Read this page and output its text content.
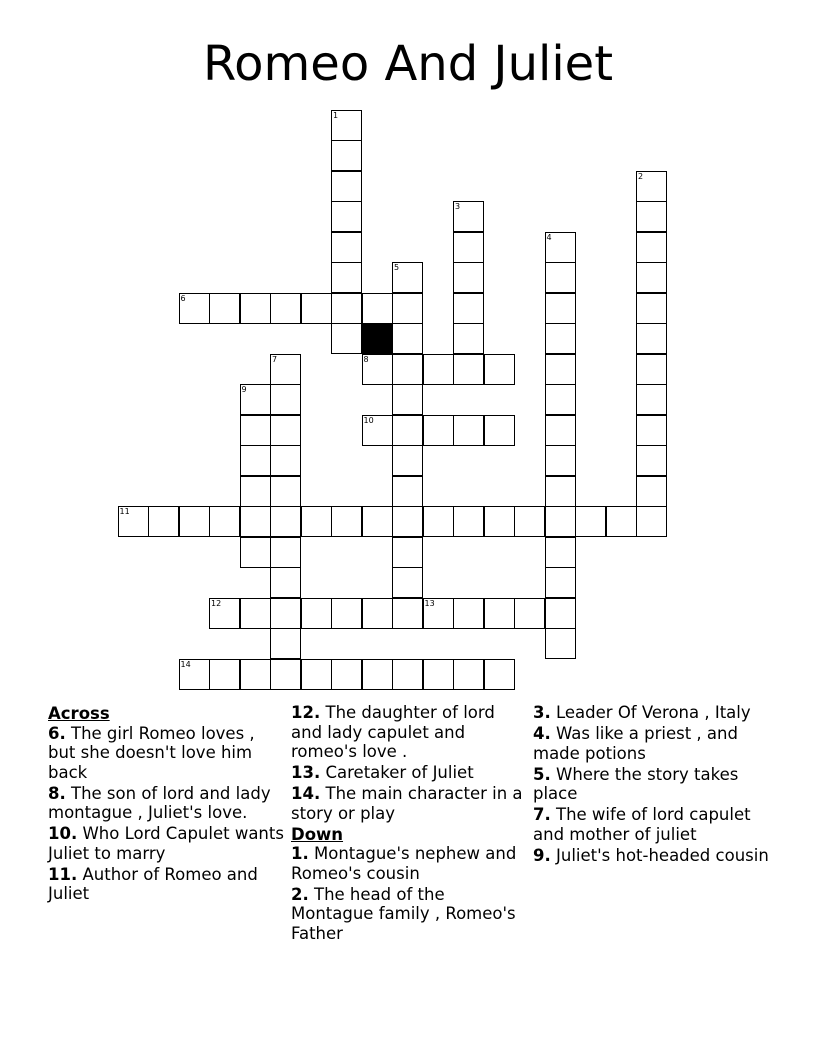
Romeo And Juliet
1
2
3
4
5
6
7	8
9
10
11
12	13
14
Across
6. The girl Romeo loves , but she doesn't love him back
8. The son of lord and lady montague , Juliet's love.
10. Who Lord Capulet wants Juliet to marry
11. Author of Romeo and Juliet
12. The daughter of lord and lady capulet and romeo's love .
13. Caretaker of Juliet
14. The main character in a story or play
Down
1. Montague's nephew and Romeo's cousin
2. The head of the Montague family , Romeo's Father
3. Leader Of Verona , Italy
4. Was like a priest , and made potions
5. Where the story takes place
7. The wife of lord capulet and mother of juliet
9. Juliet's hot-headed cousin
